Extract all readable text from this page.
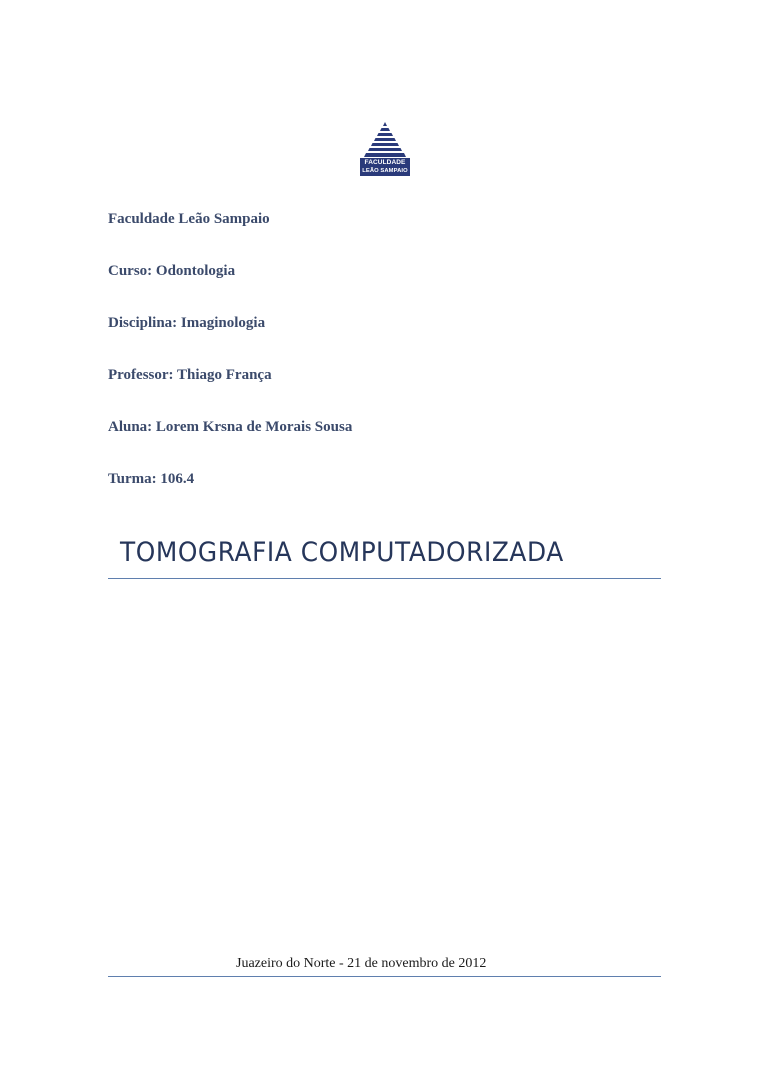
FACULDADE
LEÃO SAMPAIO
Faculdade Leão Sampaio
Curso: Odontologia
Disciplina: Imaginologia
Professor: Thiago França
Aluna: Lorem Krsna de Morais Sousa
Turma: 106.4
TOMOGRAFIA COMPUTADORIZADA
Juazeiro do Norte - 21 de novembro de 2012
